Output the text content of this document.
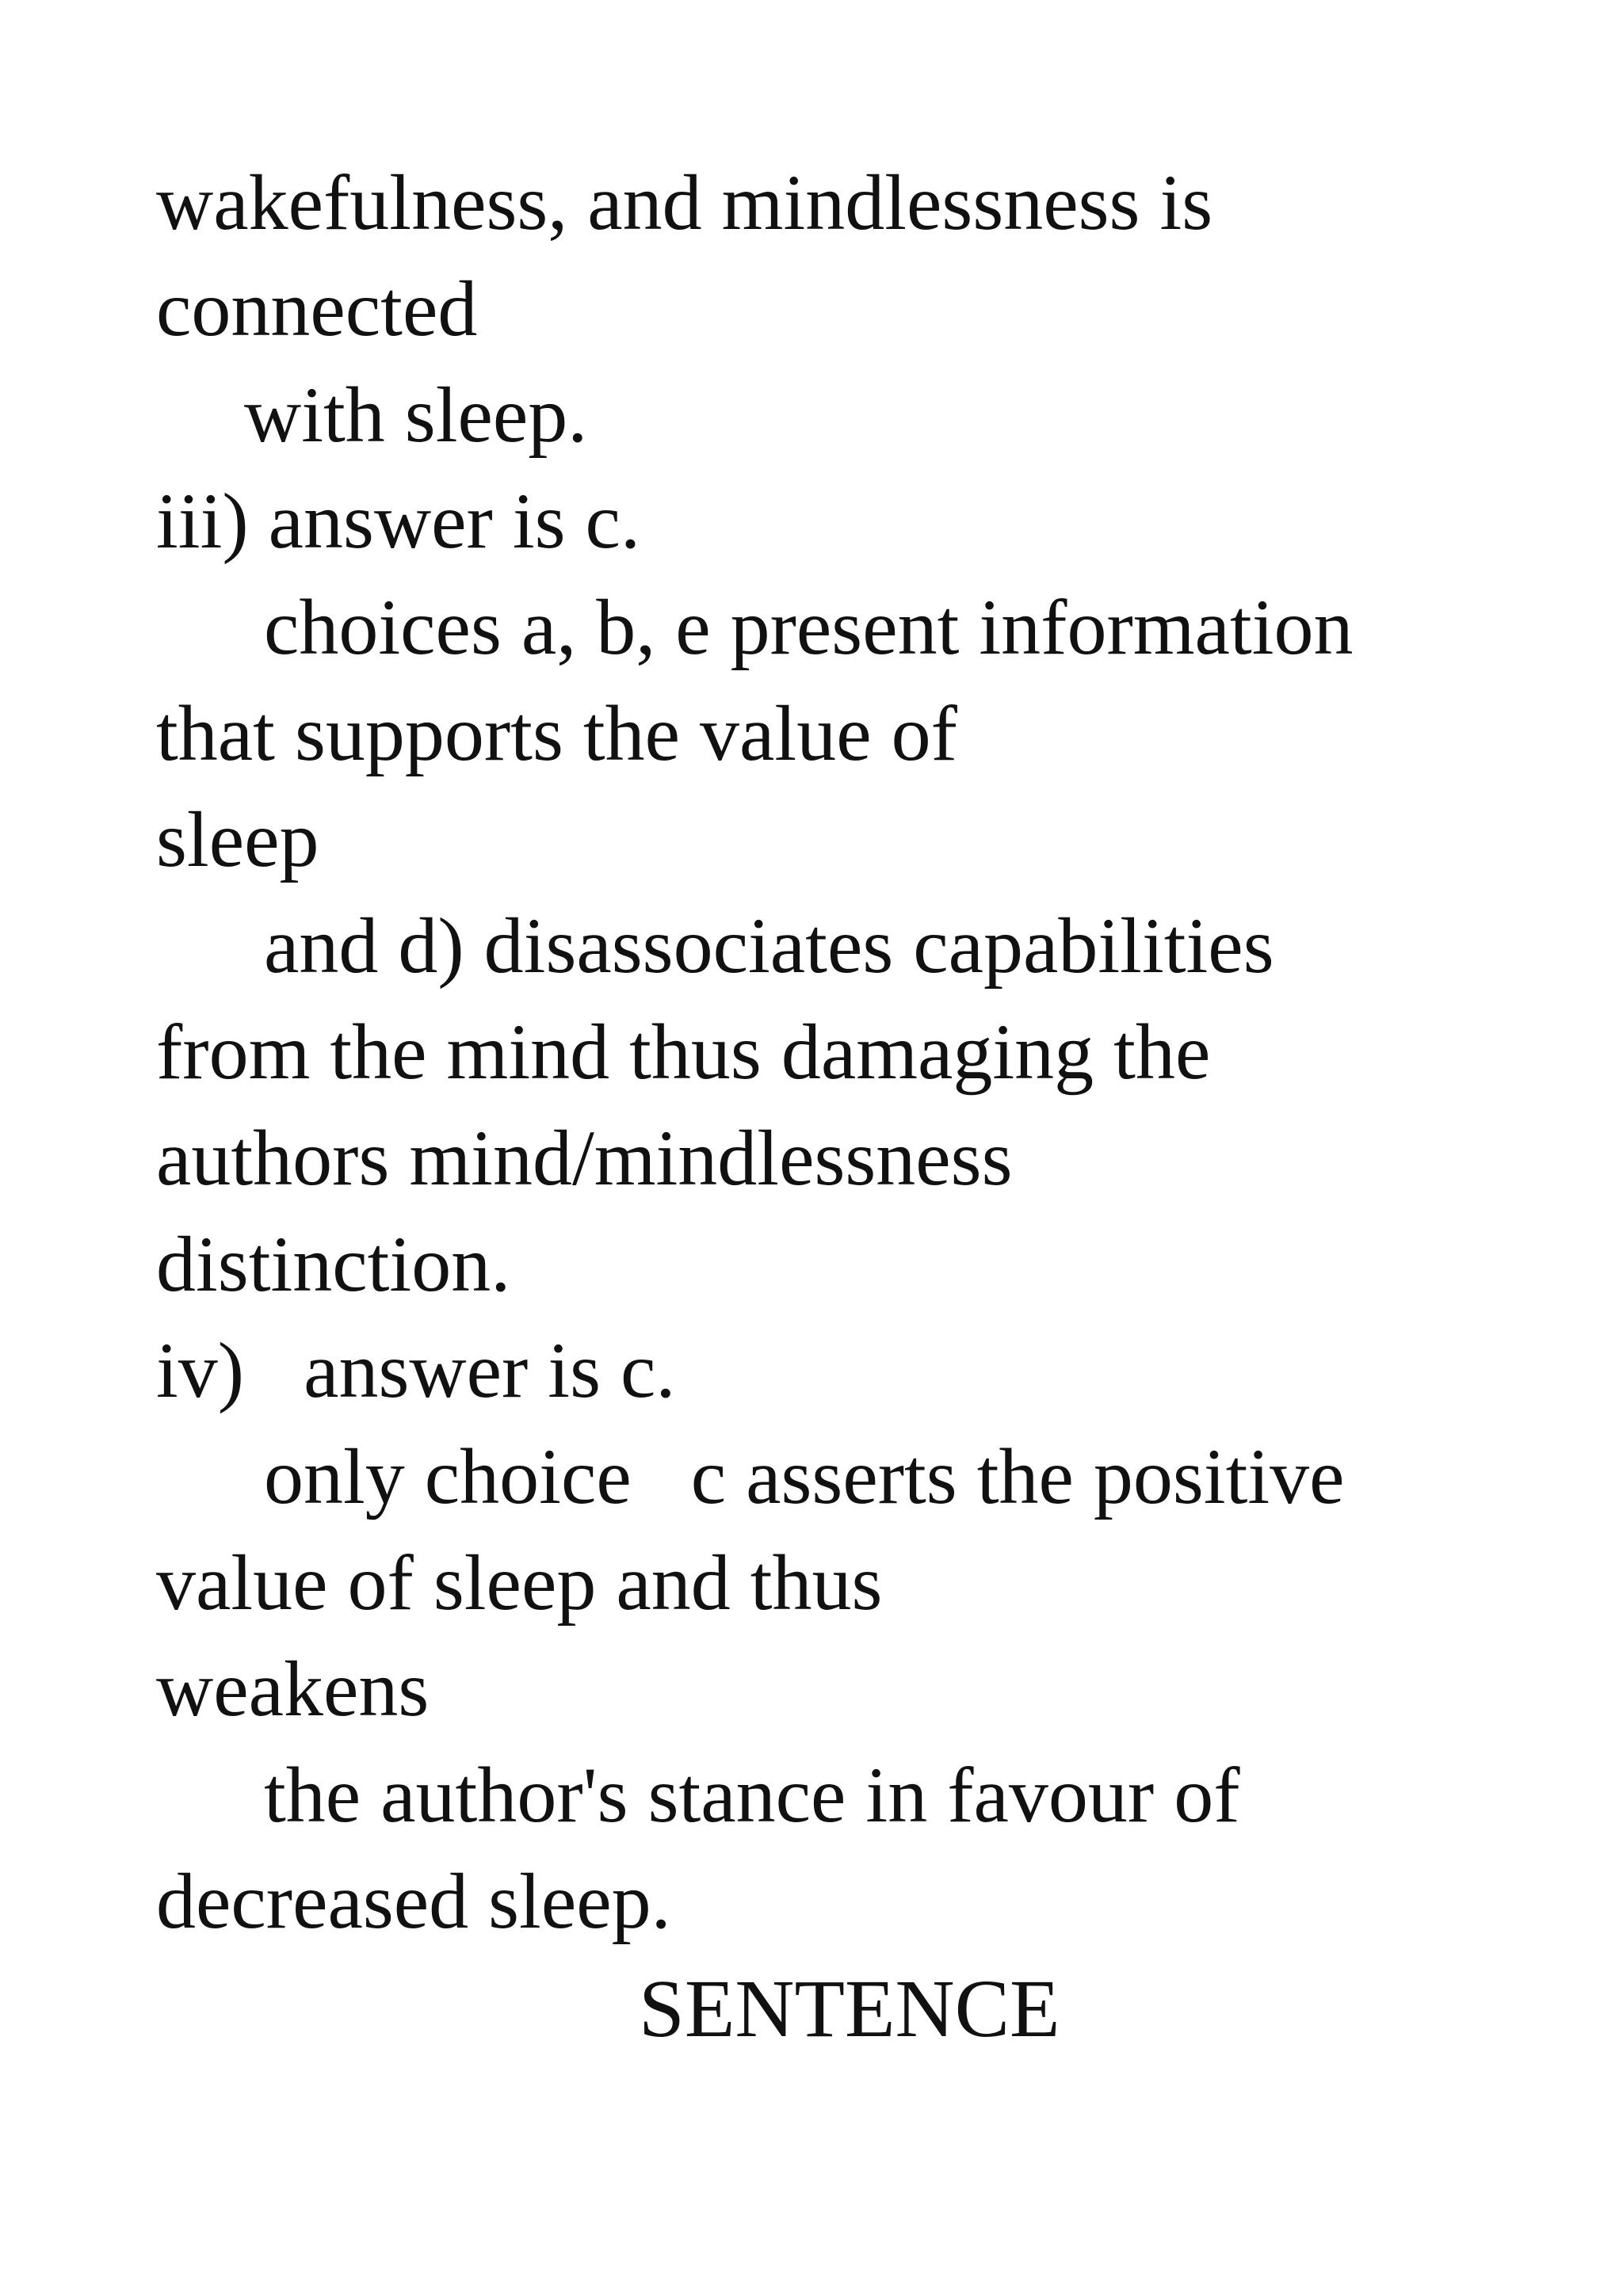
wakefulness, and mindlessness is

connected

with sleep.

iii) answer is c.

choices a, b, e present information

that supports the value of

sleep

and d) disassociates capabilities

from the mind thus damaging the

authors mind/mindlessness

distinction.

iv)   answer is c.

only choice   c asserts the positive

value of sleep and thus

weakens

the author's stance in favour of

decreased sleep.

SENTENCE
